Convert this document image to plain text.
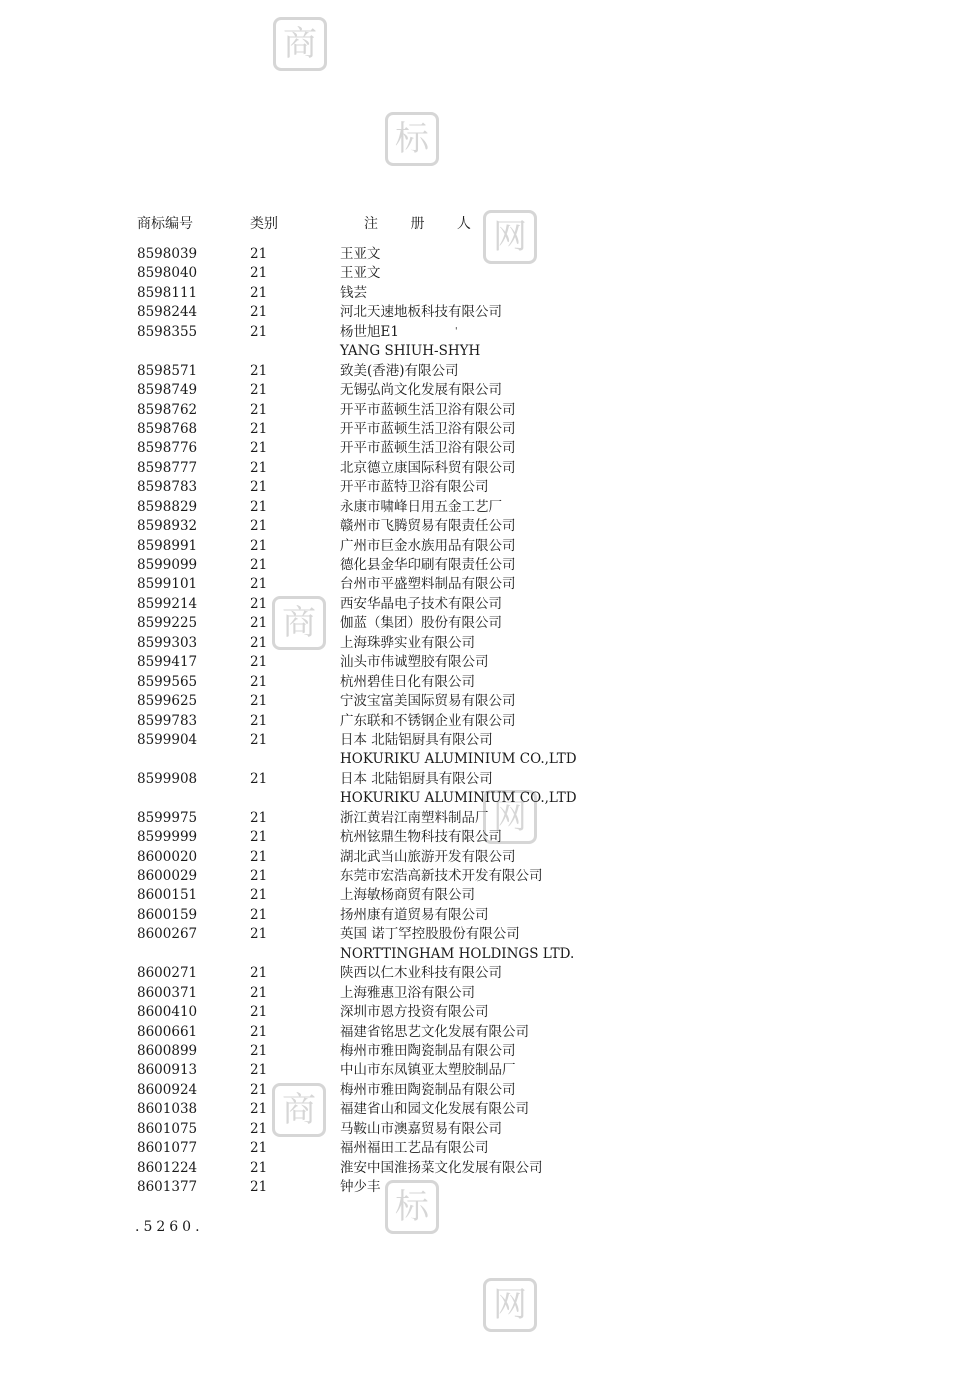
商
标
网
商
网
商
标
网
商标编号	类别	注 册 人
8598039	21	王亚文
8598040	21	王亚文
8598111	21	钱芸
8598244	21	河北天速地板科技有限公司
8598355	21	杨世旭E1	'
YANG SHIUH-SHYH
8598571	21	致美(香港)有限公司
8598749	21	无锡弘尚文化发展有限公司
8598762	21	开平市蓝顿生活卫浴有限公司
8598768	21	开平市蓝顿生活卫浴有限公司
8598776	21	开平市蓝顿生活卫浴有限公司
8598777	21	北京德立康国际科贸有限公司
8598783	21	开平市蓝特卫浴有限公司
8598829	21	永康市啸峰日用五金工艺厂
8598932	21	赣州市飞腾贸易有限责任公司
8598991	21	广州市巨金水族用品有限公司
8599099	21	德化县金华印刷有限责任公司
8599101	21	台州市平盛塑料制品有限公司
8599214	21	西安华晶电子技术有限公司
8599225	21	伽蓝（集团）股份有限公司
8599303	21	上海珠骅实业有限公司
8599417	21	汕头市伟诚塑胶有限公司
8599565	21	杭州碧佳日化有限公司
8599625	21	宁波宝富美国际贸易有限公司
8599783	21	广东联和不锈钢企业有限公司
8599904	21	日本 北陆铝厨具有限公司
HOKURIKU ALUMINIUM CO.,LTD
8599908	21	日本 北陆铝厨具有限公司
HOKURIKU ALUMINIUM CO.,LTD
8599975	21	浙江黄岩江南塑料制品厂
8599999	21	杭州铉鼎生物科技有限公司
8600020	21	湖北武当山旅游开发有限公司
8600029	21	东莞市宏浩高新技术开发有限公司
8600151	21	上海敏杨商贸有限公司
8600159	21	扬州康有道贸易有限公司
8600267	21	英国 诺丁罕控股股份有限公司
NORTTINGHAM HOLDINGS LTD.
8600271	21	陕西以仁木业科技有限公司
8600371	21	上海雅惠卫浴有限公司
8600410	21	深圳市恩方投资有限公司
8600661	21	福建省铭思艺文化发展有限公司
8600899	21	梅州市雅田陶瓷制品有限公司
8600913	21	中山市东凤镇亚太塑胶制品厂
8600924	21	梅州市雅田陶瓷制品有限公司
8601038	21	福建省山和园文化发展有限公司
8601075	21	马鞍山市澳嘉贸易有限公司
8601077	21	福州福田工艺品有限公司
8601224	21	淮安中国淮扬菜文化发展有限公司
8601377	21	钟少丰
.5260.
